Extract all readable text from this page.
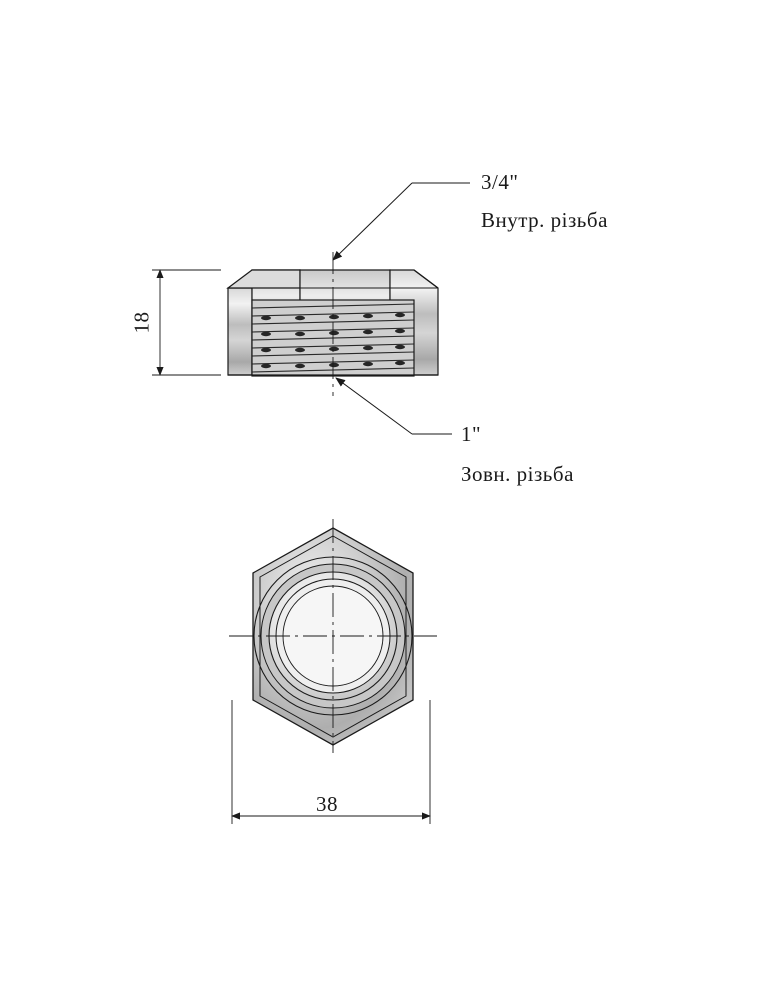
3/4"
Внутр. різьба
1"
Зовн. різьба
18
38
